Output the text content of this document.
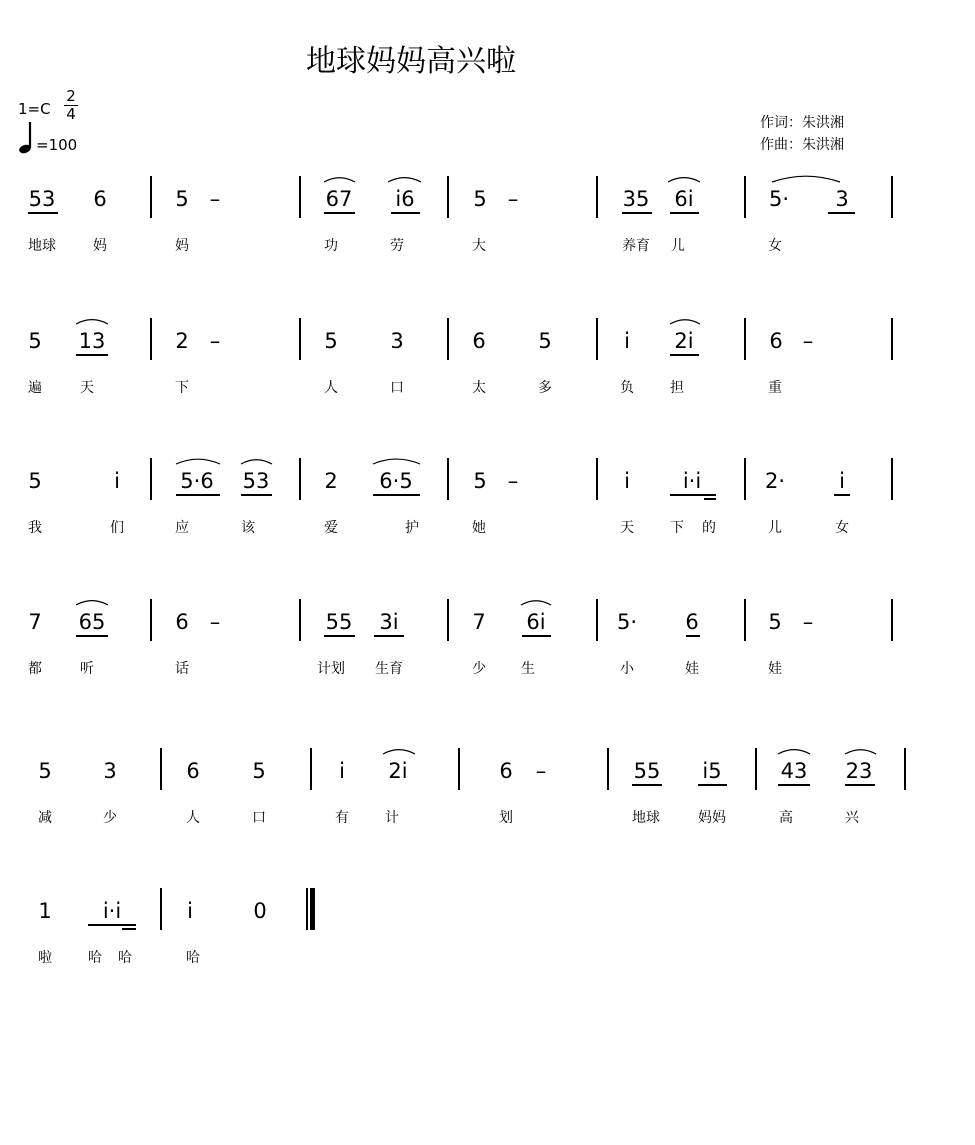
地球妈妈高兴啦
1=C
2
4
=100
作词：朱洪湘
作曲：朱洪湘
53	6	5	–	67	i6	5	–	35	6i	5·	3
地球	妈	妈	功	劳	大	养育	儿	女
5	13	2	–	5	3	6	5	i	2i	6 –
遍	天	下	人	口	太	多	负	担	重
5	i	5·6	53	2	6·5	5	–	i	i·i	2·	i
我	们	应	该	爱	护	她	天	下	的	儿	女
7	65	6	–	55	3i	7	6i	5·	6	5	–
都	听	话	计划	生育	少	生	小	娃	娃
5	3	6	5	i	2i	6	–	55	i5	43	23
减	少	人	口	有	计	划	地球	妈妈	高	兴
1	i·i	i	0
啦	哈	哈	哈
